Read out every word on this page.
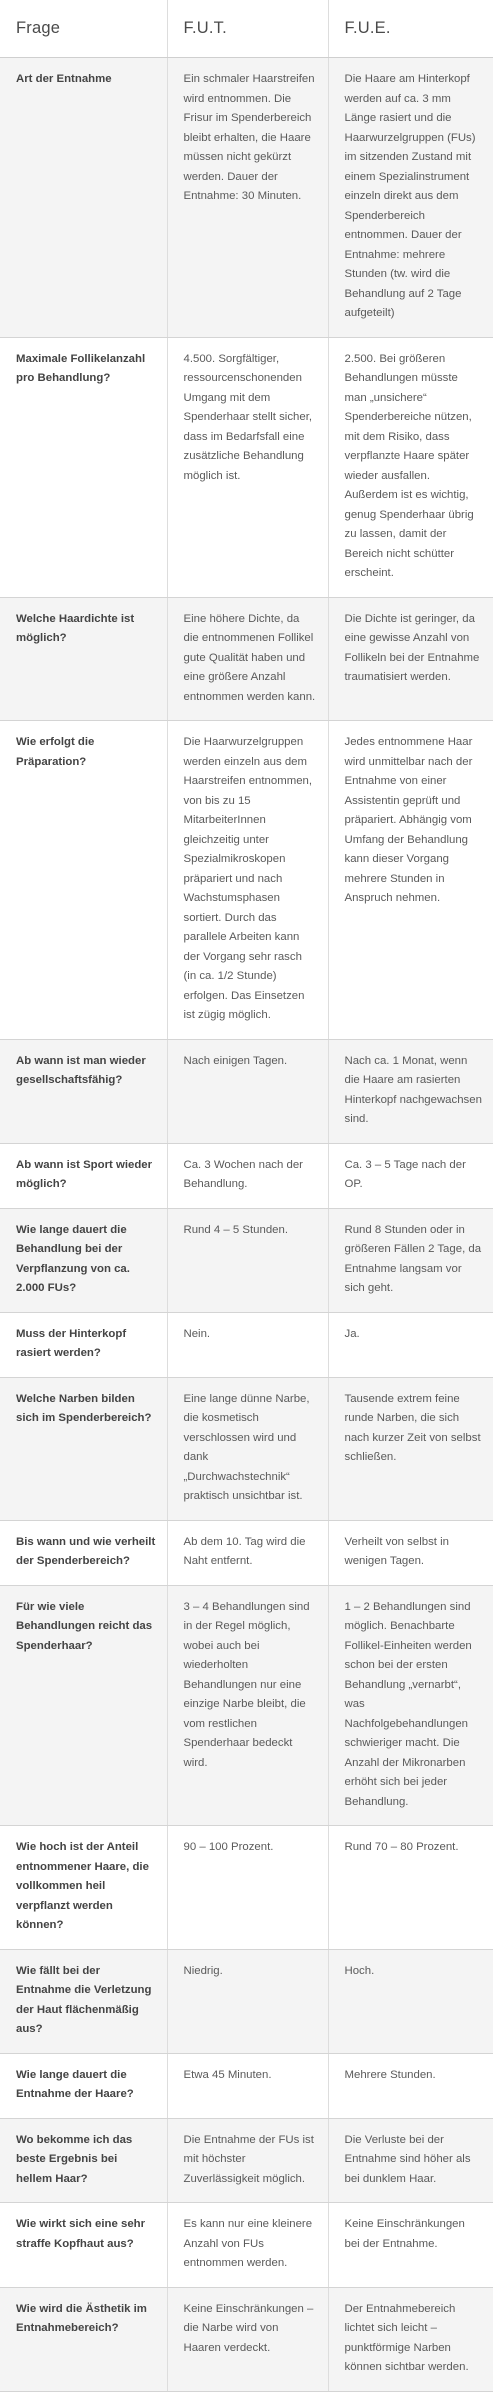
Frage	F.U.T.	F.U.E.
Art der Entnahme	Ein schmaler Haarstreifen wird entnommen. Die Frisur im Spenderbereich bleibt erhalten, die Haare müssen nicht gekürzt werden. Dauer der Entnahme: 30 Minuten.	Die Haare am Hinterkopf werden auf ca. 3 mm Länge rasiert und die Haarwurzelgruppen (FUs) im sitzenden Zustand mit einem Spezialinstrument einzeln direkt aus dem Spenderbereich entnommen. Dauer der Entnahme: mehrere Stunden (tw. wird die Behandlung auf 2 Tage aufgeteilt)
Maximale Follikelanzahl pro Behandlung?	4.500. Sorgfältiger, ressourcenschonenden Umgang mit dem Spenderhaar stellt sicher, dass im Bedarfsfall eine zusätzliche Behandlung möglich ist.	2.500. Bei größeren Behandlungen müsste man „unsichere“ Spenderbereiche nützen, mit dem Risiko, dass verpflanzte Haare später wieder ausfallen. Außerdem ist es wichtig, genug Spenderhaar übrig zu lassen, damit der Bereich nicht schütter erscheint.
Welche Haardichte ist möglich?	Eine höhere Dichte, da die entnommenen Follikel gute Qualität haben und eine größere Anzahl entnommen werden kann.	Die Dichte ist geringer, da eine gewisse Anzahl von Follikeln bei der Entnahme traumatisiert werden.
Wie erfolgt die Präparation?	Die Haarwurzelgruppen werden einzeln aus dem Haarstreifen entnommen, von bis zu 15 MitarbeiterInnen gleichzeitig unter Spezialmikroskopen präpariert und nach Wachstumsphasen sortiert. Durch das parallele Arbeiten kann der Vorgang sehr rasch (in ca. 1/2 Stunde) erfolgen. Das Einsetzen ist zügig möglich.	Jedes entnommene Haar wird unmittelbar nach der Entnahme von einer Assistentin geprüft und präpariert. Abhängig vom Umfang der Behandlung kann dieser Vorgang mehrere Stunden in Anspruch nehmen.
Ab wann ist man wieder gesellschaftsfähig?	Nach einigen Tagen.	Nach ca. 1 Monat, wenn die Haare am rasierten Hinterkopf nachgewachsen sind.
Ab wann ist Sport wieder möglich?	Ca. 3 Wochen nach der Behandlung.	Ca. 3 – 5 Tage nach der OP.
Wie lange dauert die Behandlung bei der Verpflanzung von ca. 2.000 FUs?	Rund 4 – 5 Stunden.	Rund 8 Stunden oder in größeren Fällen 2 Tage, da Entnahme langsam vor sich geht.
Muss der Hinterkopf rasiert werden?	Nein.	Ja.
Welche Narben bilden sich im Spenderbereich?	Eine lange dünne Narbe, die kosmetisch verschlossen wird und dank „Durchwachstechnik“ praktisch unsichtbar ist.	Tausende extrem feine runde Narben, die sich nach kurzer Zeit von selbst schließen.
Bis wann und wie verheilt der Spenderbereich?	Ab dem 10. Tag wird die Naht entfernt.	Verheilt von selbst in wenigen Tagen.
Für wie viele Behandlungen reicht das Spenderhaar?	3 – 4 Behandlungen sind in der Regel möglich, wobei auch bei wiederholten Behandlungen nur eine einzige Narbe bleibt, die vom restlichen Spenderhaar bedeckt wird.	1 – 2 Behandlungen sind möglich. Benachbarte Follikel-Einheiten werden schon bei der ersten Behandlung „vernarbt“, was Nachfolgebehandlungen schwieriger macht. Die Anzahl der Mikronarben erhöht sich bei jeder Behandlung.
Wie hoch ist der Anteil entnommener Haare, die vollkommen heil verpflanzt werden können?	90 – 100 Prozent.	Rund 70 – 80 Prozent.
Wie fällt bei der Entnahme die Verletzung der Haut flächenmäßig aus?	Niedrig.	Hoch.
Wie lange dauert die Entnahme der Haare?	Etwa 45 Minuten.	Mehrere Stunden.
Wo bekomme ich das beste Ergebnis bei hellem Haar?	Die Entnahme der FUs ist mit höchster Zuverlässigkeit möglich.	Die Verluste bei der Entnahme sind höher als bei dunklem Haar.
Wie wirkt sich eine sehr straffe Kopfhaut aus?	Es kann nur eine kleinere Anzahl von FUs entnommen werden.	Keine Einschränkungen bei der Entnahme.
Wie wird die Ästhetik im Entnahmebereich?	Keine Einschränkungen – die Narbe wird von Haaren verdeckt.	Der Entnahmebereich lichtet sich leicht – punktförmige Narben können sichtbar werden.
